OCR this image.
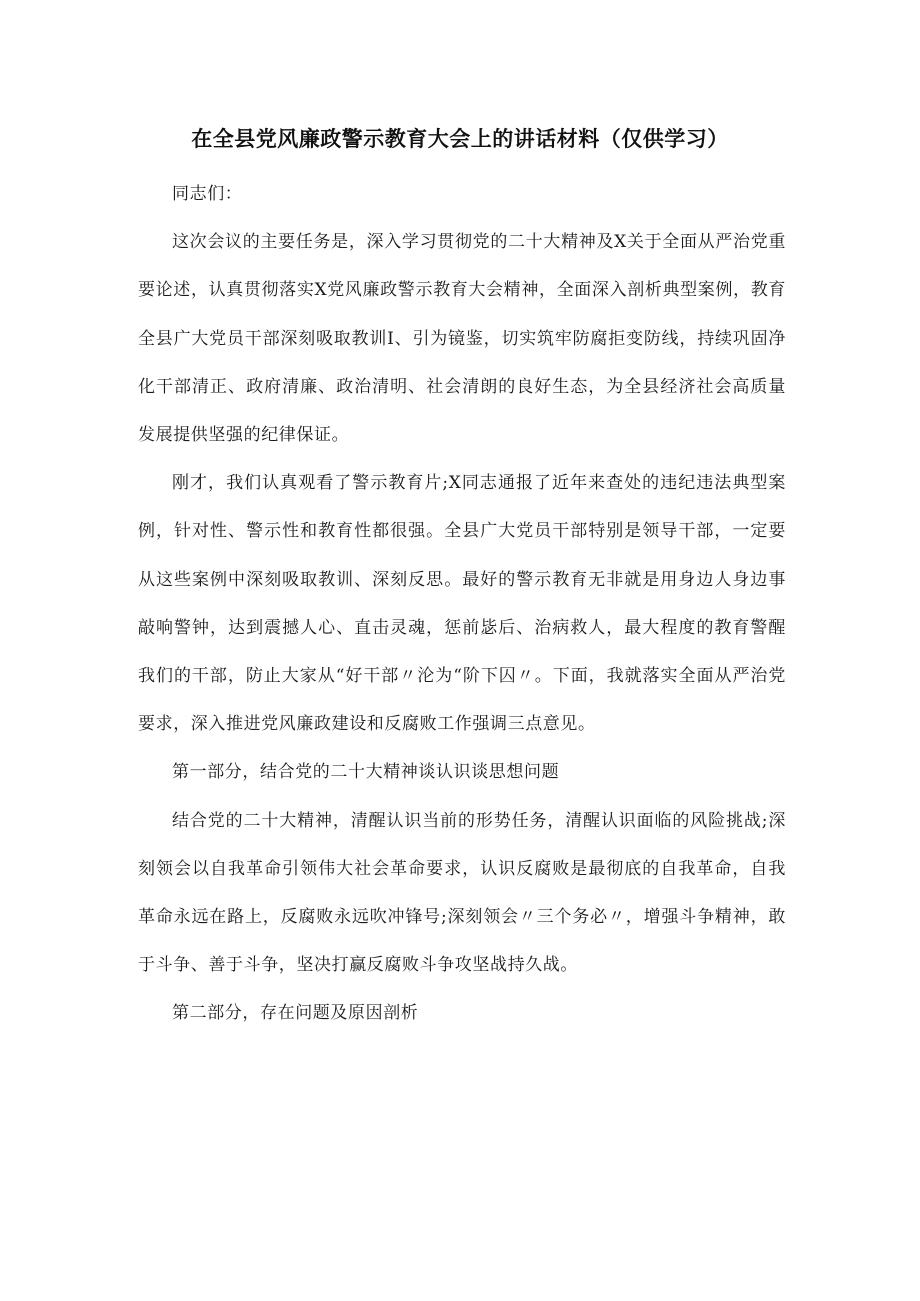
在全县党风廉政警示教育大会上的讲话材料（仅供学习）

同志们：

这次会议的主要任务是，深入学习贯彻党的二十大精神及X关于全面从严治党重要论述，认真贯彻落实X党风廉政警示教育大会精神，全面深入剖析典型案例，教育全县广大党员干部深刻吸取教训I、引为镜鉴，切实筑牢防腐拒变防线，持续巩固净化干部清正、政府清廉、政治清明、社会清朗的良好生态，为全县经济社会高质量发展提供坚强的纪律保证。

刚才，我们认真观看了警示教育片;X同志通报了近年来查处的违纪违法典型案例，针对性、警示性和教育性都很强。全县广大党员干部特别是领导干部，一定要从这些案例中深刻吸取教训、深刻反思。最好的警示教育无非就是用身边人身边事敲响警钟，达到震撼人心、直击灵魂，惩前毖后、治病救人，最大程度的教育警醒我们的干部，防止大家从“好干部〃沦为“阶下囚〃。下面，我就落实全面从严治党要求，深入推进党风廉政建设和反腐败工作强调三点意见。

第一部分，结合党的二十大精神谈认识谈思想问题

结合党的二十大精神，清醒认识当前的形势任务，清醒认识面临的风险挑战;深刻领会以自我革命引领伟大社会革命要求，认识反腐败是最彻底的自我革命，自我革命永远在路上，反腐败永远吹冲锋号;深刻领会〃三个务必〃，增强斗争精神，敢于斗争、善于斗争，坚决打赢反腐败斗争攻坚战持久战。

第二部分，存在问题及原因剖析
